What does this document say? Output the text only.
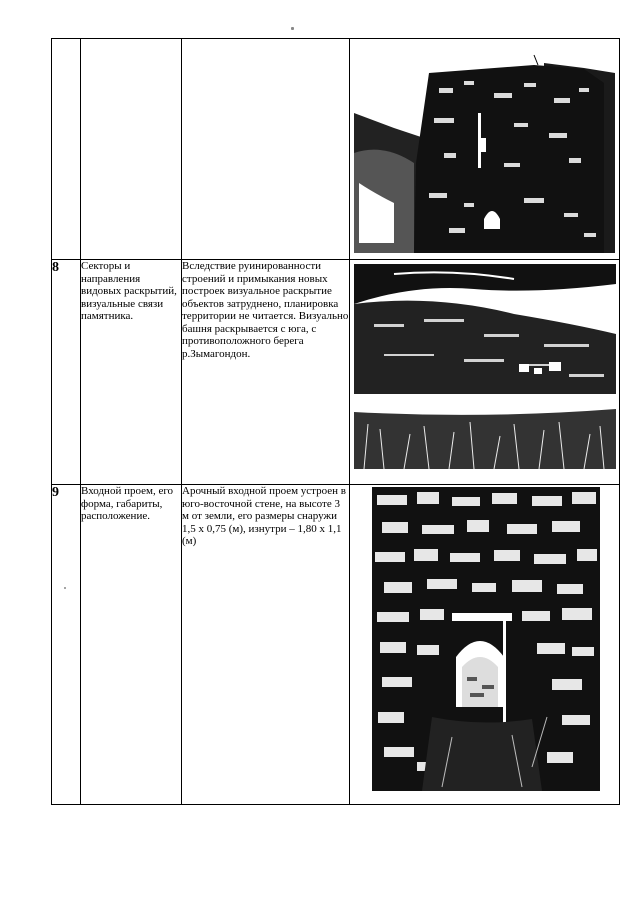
8	Секторы и направления видовых раскрытий, визуальные связи памятника.	Вследствие руинированности строений и примыкания новых построек визуальное раскрытие объектов затруднено, планировка территории не читается. Визуально башня раскрывается с юга, с противоположного берега р.Зымагондон.	

9	Входной проем, его форма, габариты, расположение.	Арочный входной проем устроен в юго-восточной стене, на высоте 3 м от земли, его размеры снаружи 1,5 х 0,75 (м), изнутри – 1,80 х 1,1 (м)	
